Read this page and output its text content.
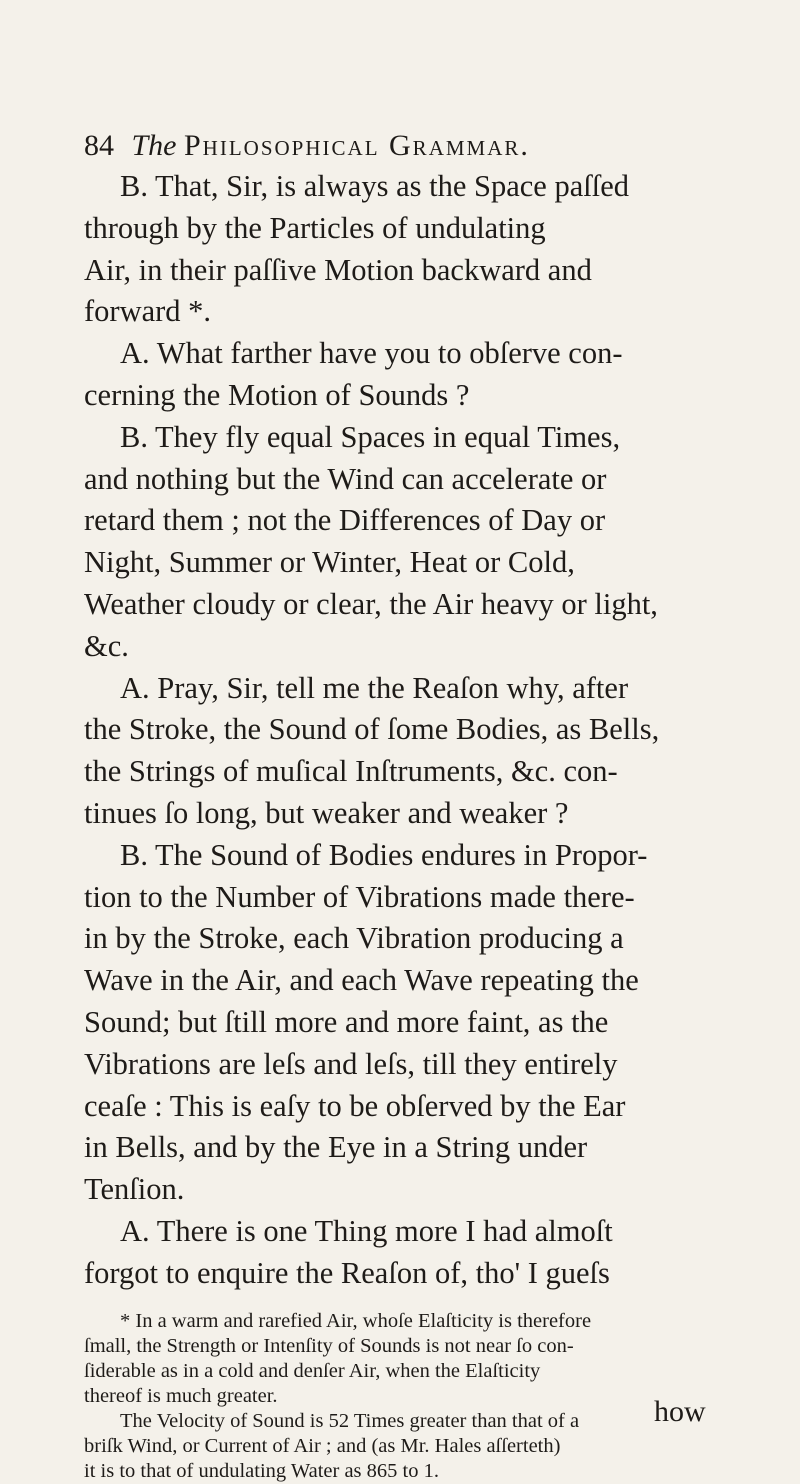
84 The Philosophical Grammar.
B. That, Sir, is always as the Space paſſed
through by the Particles of undulating
Air, in their paſſive Motion backward and
forward *.
A. What farther have you to obſerve con-
cerning the Motion of Sounds ?
B. They fly equal Spaces in equal Times,
and nothing but the Wind can accelerate or
retard them ; not the Differences of Day or
Night, Summer or Winter, Heat or Cold,
Weather cloudy or clear, the Air heavy or light,
&c.
A. Pray, Sir, tell me the Reaſon why, after
the Stroke, the Sound of ſome Bodies, as Bells,
the Strings of muſical Inſtruments, &c. con-
tinues ſo long, but weaker and weaker ?
B. The Sound of Bodies endures in Propor-
tion to the Number of Vibrations made there-
in by the Stroke, each Vibration producing a
Wave in the Air, and each Wave repeating the
Sound; but ſtill more and more faint, as the
Vibrations are leſs and leſs, till they entirely
ceaſe : This is eaſy to be obſerved by the Ear
in Bells, and by the Eye in a String under
Tenſion.
A. There is one Thing more I had almoſt
forgot to enquire the Reaſon of, tho' I gueſs
* In a warm and rarefied Air, whoſe Elaſticity is therefore
ſmall, the Strength or Intenſity of Sounds is not near ſo con-
ſiderable as in a cold and denſer Air, when the Elaſticity
thereof is much greater.
The Velocity of Sound is 52 Times greater than that of a
briſk Wind, or Current of Air ; and (as Mr. Hales aſſerteth)
it is to that of undulating Water as 865 to 1.
how
